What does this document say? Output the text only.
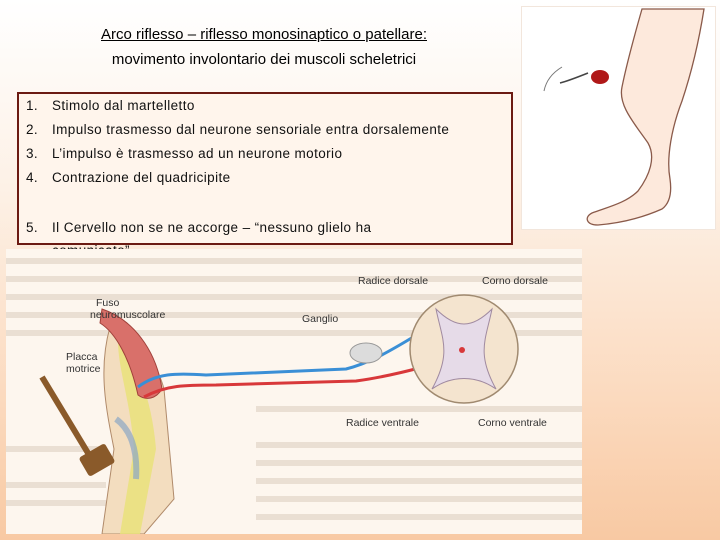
Arco riflesso – riflesso monosinaptico o patellare:
movimento involontario dei muscoli scheletrici
1. Stimolo dal martelletto
2. Impulso trasmesso dal neurone sensoriale entra dorsalemente
3. L’impulso è trasmesso ad un neurone motorio
4. Contrazione del quadricipite
5. Il Cervello non se ne accorge – “nessuno glielo ha
Fuso
neuromuscolare
Placca
motrice
Radice dorsale	Corno dorsale
Ganglio
Radice ventrale	Corno ventrale
